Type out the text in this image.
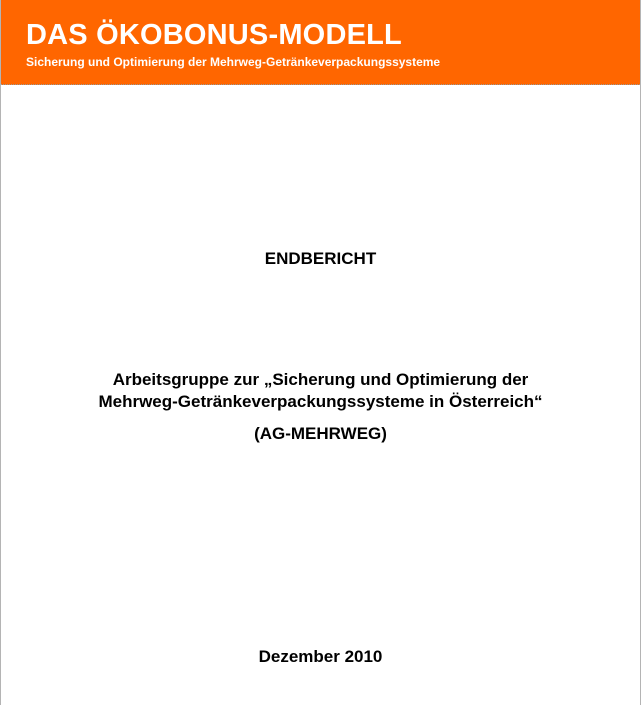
DAS ÖKOBONUS-MODELL
Sicherung und Optimierung der Mehrweg-Getränkeverpackungssysteme
ENDBERICHT
Arbeitsgruppe zur „Sicherung und Optimierung der
Mehrweg-Getränkeverpackungssysteme in Österreich“
(AG-MEHRWEG)
Dezember 2010
